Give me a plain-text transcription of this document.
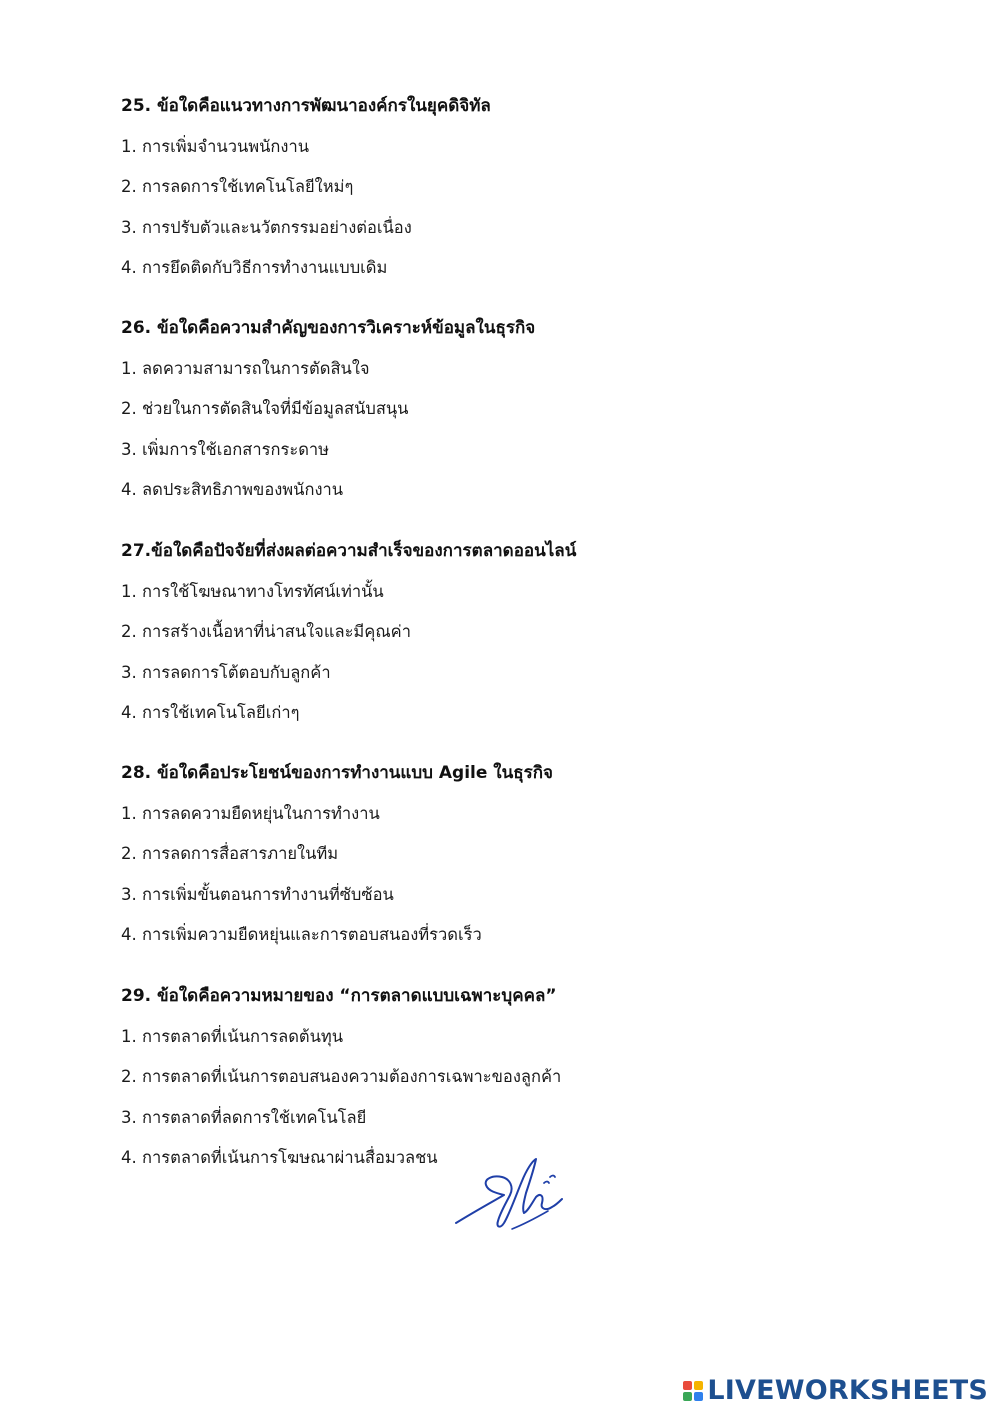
25. ข้อใดคือแนวทางการพัฒนาองค์กรในยุคดิจิทัล
1. การเพิ่มจำนวนพนักงาน
2. การลดการใช้เทคโนโลยีใหม่ๆ
3. การปรับตัวและนวัตกรรมอย่างต่อเนื่อง
4. การยึดติดกับวิธีการทำงานแบบเดิม
26. ข้อใดคือความสำคัญของการวิเคราะห์ข้อมูลในธุรกิจ
1. ลดความสามารถในการตัดสินใจ
2. ช่วยในการตัดสินใจที่มีข้อมูลสนับสนุน
3. เพิ่มการใช้เอกสารกระดาษ
4. ลดประสิทธิภาพของพนักงาน
27.ข้อใดคือปัจจัยที่ส่งผลต่อความสำเร็จของการตลาดออนไลน์
1. การใช้โฆษณาทางโทรทัศน์เท่านั้น
2. การสร้างเนื้อหาที่น่าสนใจและมีคุณค่า
3. การลดการโต้ตอบกับลูกค้า
4. การใช้เทคโนโลยีเก่าๆ
28. ข้อใดคือประโยชน์ของการทำงานแบบ Agile ในธุรกิจ
1. การลดความยืดหยุ่นในการทำงาน
2. การลดการสื่อสารภายในทีม
3. การเพิ่มขั้นตอนการทำงานที่ซับซ้อน
4. การเพิ่มความยืดหยุ่นและการตอบสนองที่รวดเร็ว
29. ข้อใดคือความหมายของ “การตลาดแบบเฉพาะบุคคล”
1. การตลาดที่เน้นการลดต้นทุน
2. การตลาดที่เน้นการตอบสนองความต้องการเฉพาะของลูกค้า
3. การตลาดที่ลดการใช้เทคโนโลยี
4. การตลาดที่เน้นการโฆษณาผ่านสื่อมวลชน
LIVEWORKSHEETS
